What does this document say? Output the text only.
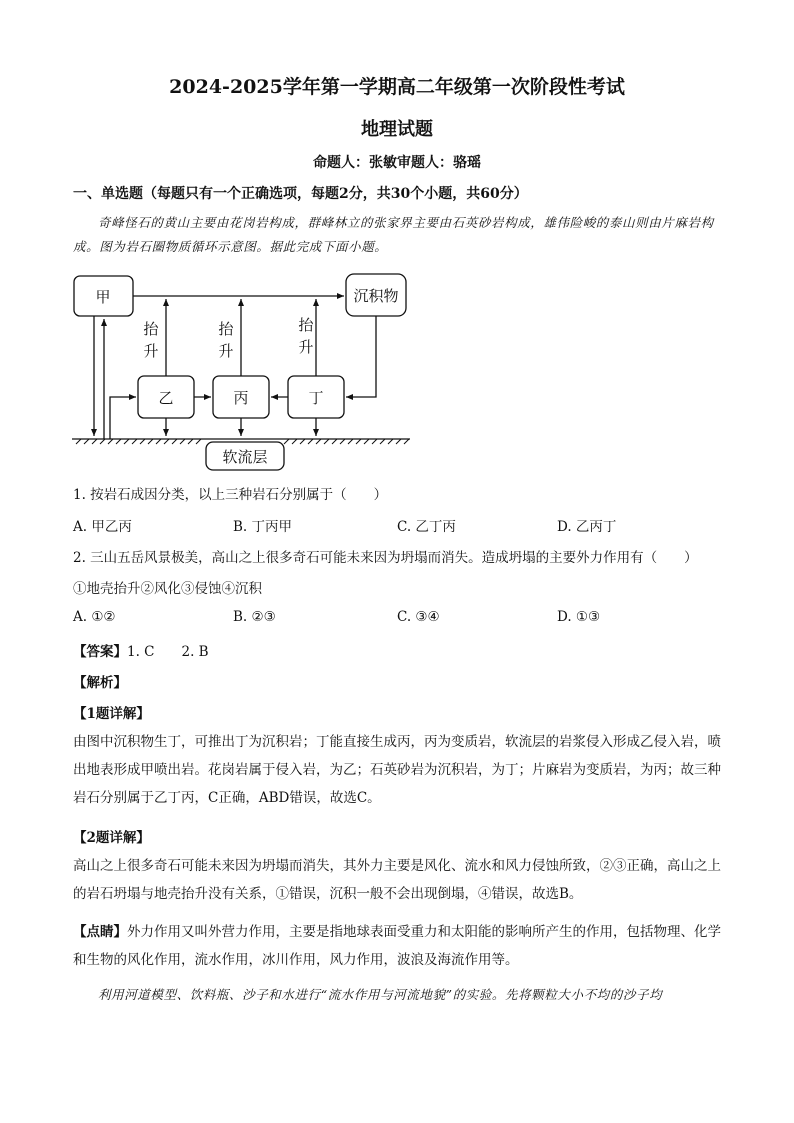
2024-2025学年第一学期高二年级第一次阶段性考试
地理试题
命题人：张敏审题人：骆瑶
一、单选题（每题只有一个正确选项，每题2分，共30个小题，共60分）
奇峰怪石的黄山主要由花岗岩构成，群峰林立的张家界主要由石英砂岩构成，雄伟险峻的泰山则由片麻岩构成。图为岩石圈物质循环示意图。据此完成下面小题。
甲	沉积物
乙	丙	丁
软流层
抬
升
抬
升
抬
升
1. 按岩石成因分类，以上三种岩石分别属于（　　）
A. 甲乙丙	B. 丁丙甲	C. 乙丁丙	D. 乙丙丁
2. 三山五岳风景极美，高山之上很多奇石可能未来因为坍塌而消失。造成坍塌的主要外力作用有（　　）
①地壳抬升②风化③侵蚀④沉积
A. ①②	B. ②③	C. ③④	D. ①③
【答案】1. C　　2. B
【解析】
【1题详解】
由图中沉积物生丁，可推出丁为沉积岩；丁能直接生成丙，丙为变质岩，软流层的岩浆侵入形成乙侵入岩，喷出地表形成甲喷出岩。花岗岩属于侵入岩，为乙；石英砂岩为沉积岩，为丁；片麻岩为变质岩，为丙；故三种岩石分别属于乙丁丙，C正确，ABD错误，故选C。
【2题详解】
高山之上很多奇石可能未来因为坍塌而消失，其外力主要是风化、流水和风力侵蚀所致，②③正确，高山之上的岩石坍塌与地壳抬升没有关系，①错误，沉积一般不会出现倒塌，④错误，故选B。
【点睛】外力作用又叫外营力作用，主要是指地球表面受重力和太阳能的影响所产生的作用，包括物理、化学和生物的风化作用，流水作用，冰川作用，风力作用，波浪及海流作用等。
利用河道模型、饮料瓶、沙子和水进行“流水作用与河流地貌”的实验。先将颗粒大小不均的沙子均
